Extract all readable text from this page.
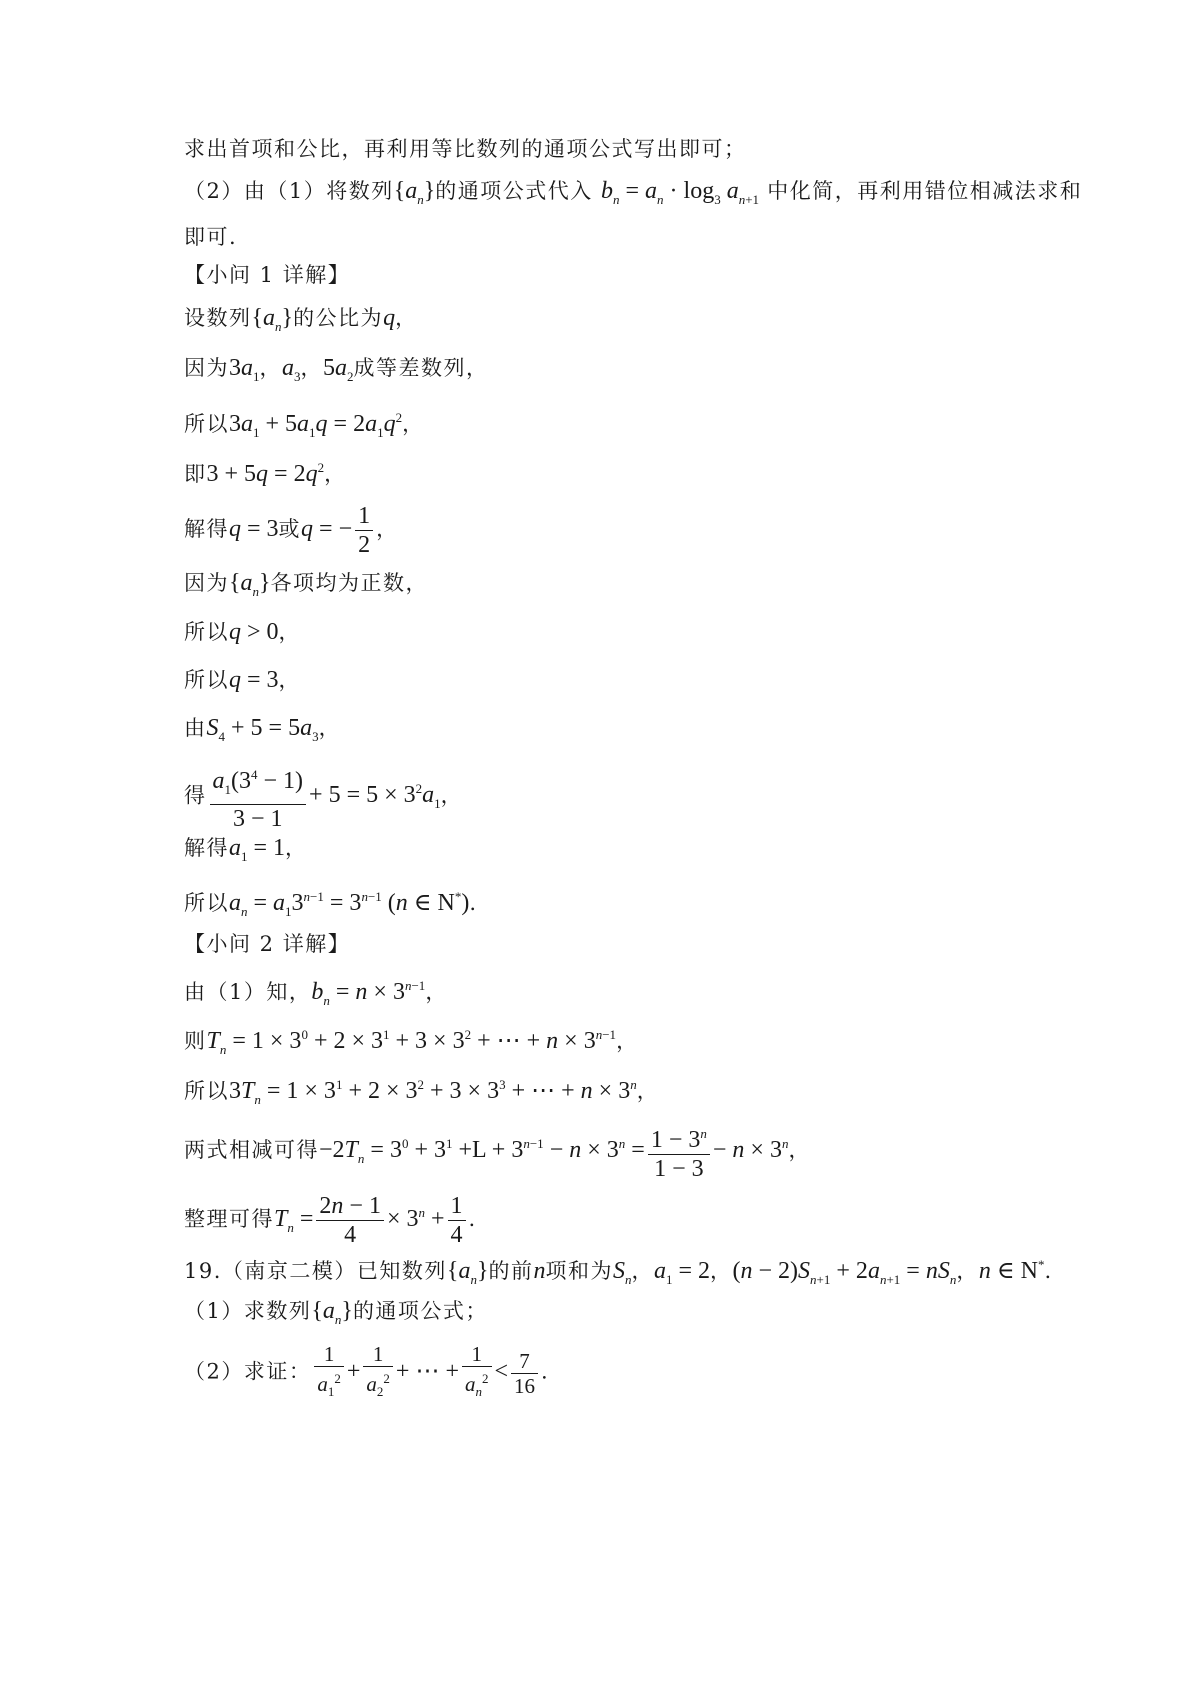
求出首项和公比，再利用等比数列的通项公式写出即可；
（2）由（1）将数列$\{a_n\}$的通项公式代入 $b_n = a_n \cdot \log_3 a_{n+1}$ 中化简，再利用错位相减法求和
即可.
【小问 1 详解】
设数列$\{a_n\}$的公比为q，
因为$3a_1$，$a_3$，$5a_2$成等差数列，
所以$3a_1 + 5a_1q = 2a_1q^2$，
即$3 + 5q = 2q^2$，
解得q = 3或q = − $\frac{1}{2}$ ，
因为$\{a_n\}$各项均为正数，
所以q > 0，
所以q = 3，
由$S_4 + 5 = 5a_3$，
得 $\frac{a_1(3^4 - 1)}{3 - 1} + 5 = 5 \times 3^2a_1$，
解得$a_1 = 1$，
所以$a_n = a_13^{n-1} = 3^{n-1}$ (n ∈ N*).
【小问 2 详解】
由（1）知，$b_n = n \times 3^{n-1}$，
则$T_n = 1 \times 3^0 + 2 \times 3^1 + 3 \times 3^2$ + ⋯ + $n \times 3^{n-1}$，
所以$3T_n = 1 \times 3^1 + 2 \times 3^2 + 3 \times 3^3$ + ⋯ + $n \times 3^n$，
两式相减可得$-2T_n = 3^0 + 3^1 +L + 3^{n-1} - n \times 3^n = \frac{1 - 3^n}{1 - 3} - n \times 3^n$，
整理可得$T_n = \frac{2n - 1}{4} \times 3^n + \frac{1}{4}$ .
19.（南京二模）已知数列$\{a_n\}$的前n项和为$S_n$，$a_1 = 2$，$(n - 2)S_{n+1} + 2a_{n+1} = nS_n$，n ∈ N*.
（1）求数列$\{a_n\}$的通项公式；
（2）求证： $\frac{1}{a_1^2} + \frac{1}{a_2^2}$ + ⋯ + $\frac{1}{a_n^2} < \frac{7}{16}$ .
